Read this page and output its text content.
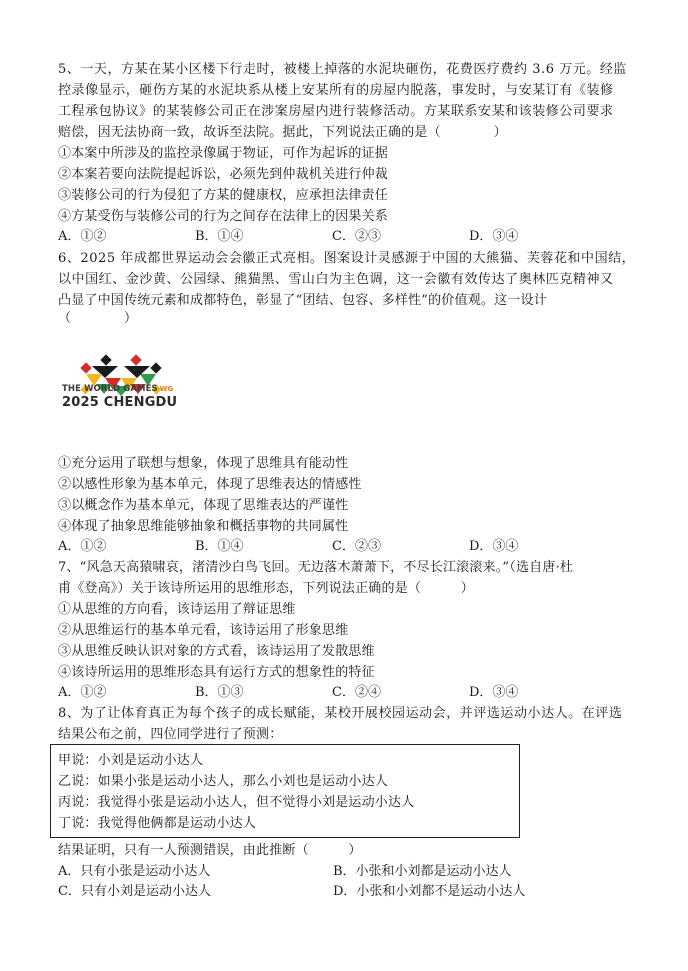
5、一天，方某在某小区楼下行走时，被楼上掉落的水泥块砸伤，花费医疗费约 3.6 万元。经监
控录像显示，砸伤方某的水泥块系从楼上安某所有的房屋内脱落，事发时，与安某订有《装修
工程承包协议》的某装修公司正在涉案房屋内进行装修活动。方某联系安某和该装修公司要求
赔偿，因无法协商一致，故诉至法院。据此，下列说法正确的是（　　　　）
①本案中所涉及的监控录像属于物证，可作为起诉的证据
②本案若要向法院提起诉讼，必须先到仲裁机关进行仲裁
③装修公司的行为侵犯了方某的健康权，应承担法律责任
④方某受伤与装修公司的行为之间存在法律上的因果关系
A．①②	B．①④	C．②③	D．③④
6、2025 年成都世界运动会会徽正式亮相。图案设计灵感源于中国的大熊猫、芙蓉花和中国结，
以中国红、金沙黄、公园绿、熊猫黑、雪山白为主色调，这一会徽有效传达了奥林匹克精神又
凸显了中国传统元素和成都特色，彰显了“团结、包容、多样性”的价值观。这一设计
（　　　　）
THE WORLD GAMES WG
2025 CHENGDU
①充分运用了联想与想象，体现了思维具有能动性
②以感性形象为基本单元，体现了思维表达的情感性
③以概念作为基本单元，体现了思维表达的严谨性
④体现了抽象思维能够抽象和概括事物的共同属性
A．①②	B．①④	C．②③	D．③④
7、“风急天高猿啸哀，渚清沙白鸟飞回。无边落木萧萧下，不尽长江滚滚来。”（选自唐·杜
甫《登高》）关于该诗所运用的思维形态，下列说法正确的是（　　　）
①从思维的方向看，该诗运用了辩证思维
②从思维运行的基本单元看，该诗运用了形象思维
③从思维反映认识对象的方式看，该诗运用了发散思维
④该诗所运用的思维形态具有运行方式的想象性的特征
A．①②	B．①③	C．②④	D．③④
8、为了让体育真正为每个孩子的成长赋能，某校开展校园运动会，并评选运动小达人。在评选
结果公布之前，四位同学进行了预测：
甲说：小刘是运动小达人
乙说：如果小张是运动小达人，那么小刘也是运动小达人
丙说：我觉得小张是运动小达人，但不觉得小刘是运动小达人
丁说：我觉得他俩都是运动小达人
结果证明，只有一人预测错误，由此推断（　　　）
A．只有小张是运动小达人	B．小张和小刘都是运动小达人
C．只有小刘是运动小达人	D．小张和小刘都不是运动小达人
